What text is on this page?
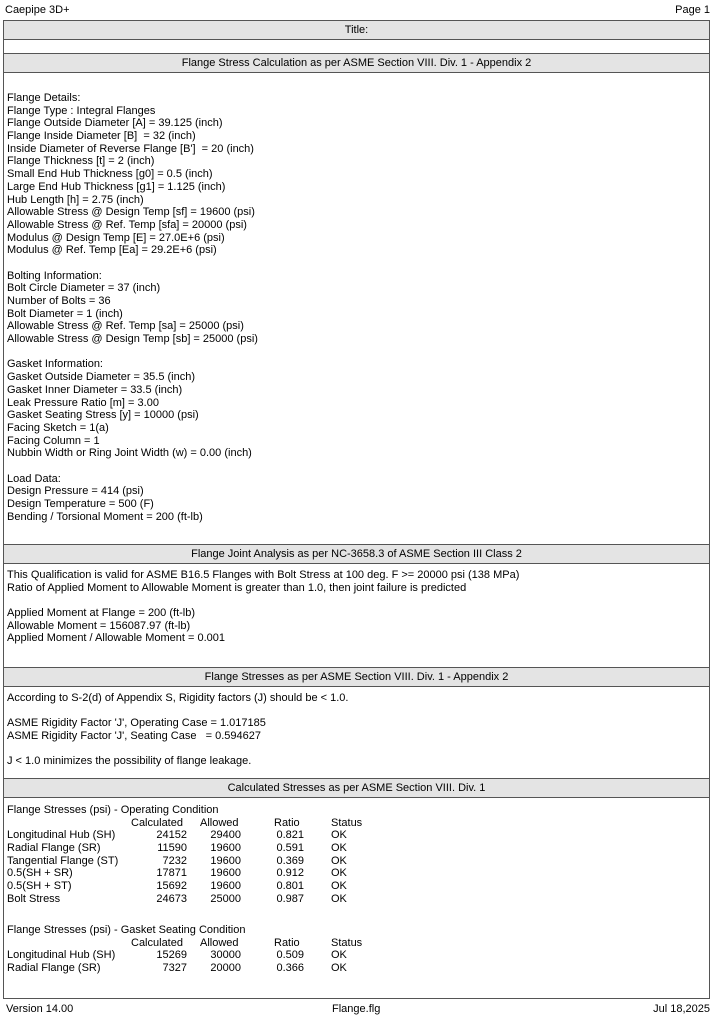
Caepipe 3D+	Page 1
Title:
Flange Stress Calculation as per ASME Section VIII. Div. 1 - Appendix 2
Flange Details:
Flange Type : Integral Flanges
Flange Outside Diameter [A] = 39.125 (inch)
Flange Inside Diameter [B]  = 32 (inch)
Inside Diameter of Reverse Flange [B']  = 20 (inch)
Flange Thickness [t] = 2 (inch)
Small End Hub Thickness [g0] = 0.5 (inch)
Large End Hub Thickness [g1] = 1.125 (inch)
Hub Length [h] = 2.75 (inch)
Allowable Stress @ Design Temp [sf] = 19600 (psi)
Allowable Stress @ Ref. Temp [sfa] = 20000 (psi)
Modulus @ Design Temp [E] = 27.0E+6 (psi)
Modulus @ Ref. Temp [Ea] = 29.2E+6 (psi)
Bolting Information:
Bolt Circle Diameter = 37 (inch)
Number of Bolts = 36
Bolt Diameter = 1 (inch)
Allowable Stress @ Ref. Temp [sa] = 25000 (psi)
Allowable Stress @ Design Temp [sb] = 25000 (psi)
Gasket Information:
Gasket Outside Diameter = 35.5 (inch)
Gasket Inner Diameter = 33.5 (inch)
Leak Pressure Ratio [m] = 3.00
Gasket Seating Stress [y] = 10000 (psi)
Facing Sketch = 1(a)
Facing Column = 1
Nubbin Width or Ring Joint Width (w) = 0.00 (inch)
Load Data:
Design Pressure = 414 (psi)
Design Temperature = 500 (F)
Bending / Torsional Moment = 200 (ft-lb)
Flange Joint Analysis as per NC-3658.3 of ASME Section III Class 2
This Qualification is valid for ASME B16.5 Flanges with Bolt Stress at 100 deg. F >= 20000 psi (138 MPa)
Ratio of Applied Moment to Allowable Moment is greater than 1.0, then joint failure is predicted
Applied Moment at Flange = 200 (ft-lb)
Allowable Moment = 156087.97 (ft-lb)
Applied Moment / Allowable Moment = 0.001
Flange Stresses as per ASME Section VIII. Div. 1 - Appendix 2
According to S-2(d) of Appendix S, Rigidity factors (J) should be < 1.0.
ASME Rigidity Factor 'J', Operating Case = 1.017185
ASME Rigidity Factor 'J', Seating Case   = 0.594627
J < 1.0 minimizes the possibility of flange leakage.
Calculated Stresses as per ASME Section VIII. Div. 1
Flange Stresses (psi) - Operating Condition
Calculated Allowed	Ratio	Status
Longitudinal Hub (SH)	24152	29400	0.821 OK
Radial Flange (SR)	11590	19600	0.591 OK
Tangential Flange (ST)	7232	19600	0.369 OK
0.5(SH + SR)	17871	19600	0.912 OK
0.5(SH + ST)	15692	19600	0.801 OK
Bolt Stress	24673	25000	0.987 OK
Flange Stresses (psi) - Gasket Seating Condition
Calculated Allowed	Ratio	Status
Longitudinal Hub (SH)	15269	30000	0.509 OK
Radial Flange (SR)	7327	20000	0.366 OK
Version 14.00	Flange.flg	Jul 18,2025
